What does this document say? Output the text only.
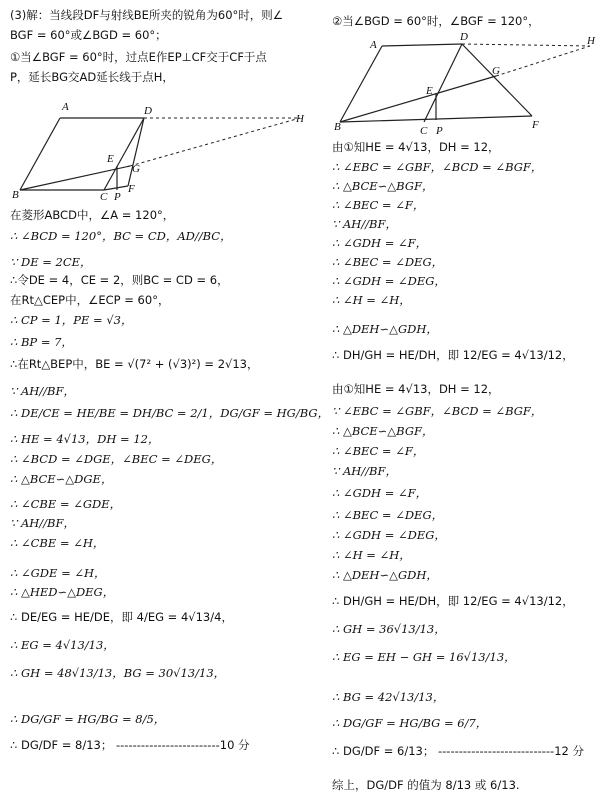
(3)解：当线段DF与射线BE所夹的锐角为60°时，则∠
BGF = 60°或∠BGD = 60°；
①当∠BGF = 60°时，过点E作EP⊥CF交于CF于点
P，延长BG交AD延长线于点H，
A	D
H
E
G
B	C P
F
在菱形ABCD中，∠A = 120°，
∴ ∠BCD = 120°，BC = CD，AD//BC，
∵ DE = 2CE，
∴令DE = 4，CE = 2，则BC = CD = 6，
在Rt△CEP中，∠ECP = 60°，
∴ CP = 1，PE = √3，
∴ BP = 7，
∴在Rt△BEP中，BE = √(7² + (√3)²) = 2√13，
∵ AH//BF，
∴ DE/CE = HE/BE = DH/BC = 2/1，DG/GF = HG/BG，
∴ HE = 4√13，DH = 12，
∴ ∠BCD = ∠DGE，∠BEC = ∠DEG，
∴ △BCE∽△DGE，
∴ ∠CBE = ∠GDE，
∵ AH//BF，
∴ ∠CBE = ∠H，
∴ ∠GDE = ∠H，
∴ △HED∽△DEG，
∴ DE/EG = HE/DE，即 4/EG = 4√13/4，
∴ EG = 4√13/13，
∴ GH = 48√13/13，BG = 30√13/13，
∴ DG/GF = HG/BG = 8/5，
∴ DG/DF = 8/13； -------------------------10 分
②当∠BGD = 60°时，∠BGF = 120°，
A
D	H
G
E
B	C P	F
由①知HE = 4√13，DH = 12，
∴ ∠EBC = ∠GBF，∠BCD = ∠BGF，
∴ △BCE∽△BGF，
∴ ∠BEC = ∠F，
∵ AH//BF，
∴ ∠GDH = ∠F，
∴ ∠BEC = ∠DEG，
∴ ∠GDH = ∠DEG，
∴ ∠H = ∠H，
∴ △DEH∽△GDH，
∴ DH/GH = HE/DH，即 12/EG = 4√13/12，
由①知HE = 4√13，DH = 12，
∵ ∠EBC = ∠GBF，∠BCD = ∠BGF，
∴ △BCE∽△BGF，
∴ ∠BEC = ∠F，
∵ AH//BF，
∴ ∠GDH = ∠F，
∴ ∠BEC = ∠DEG，
∴ ∠GDH = ∠DEG，
∴ ∠H = ∠H，
∴ △DEH∽△GDH，
∴ DH/GH = HE/DH，即 12/EG = 4√13/12，
∴ GH = 36√13/13，
∴ EG = EH − GH = 16√13/13，
∴ BG = 42√13/13，
∴ DG/GF = HG/BG = 6/7，
∴ DG/DF = 6/13； ----------------------------12 分
综上，DG/DF 的值为 8/13 或 6/13.
